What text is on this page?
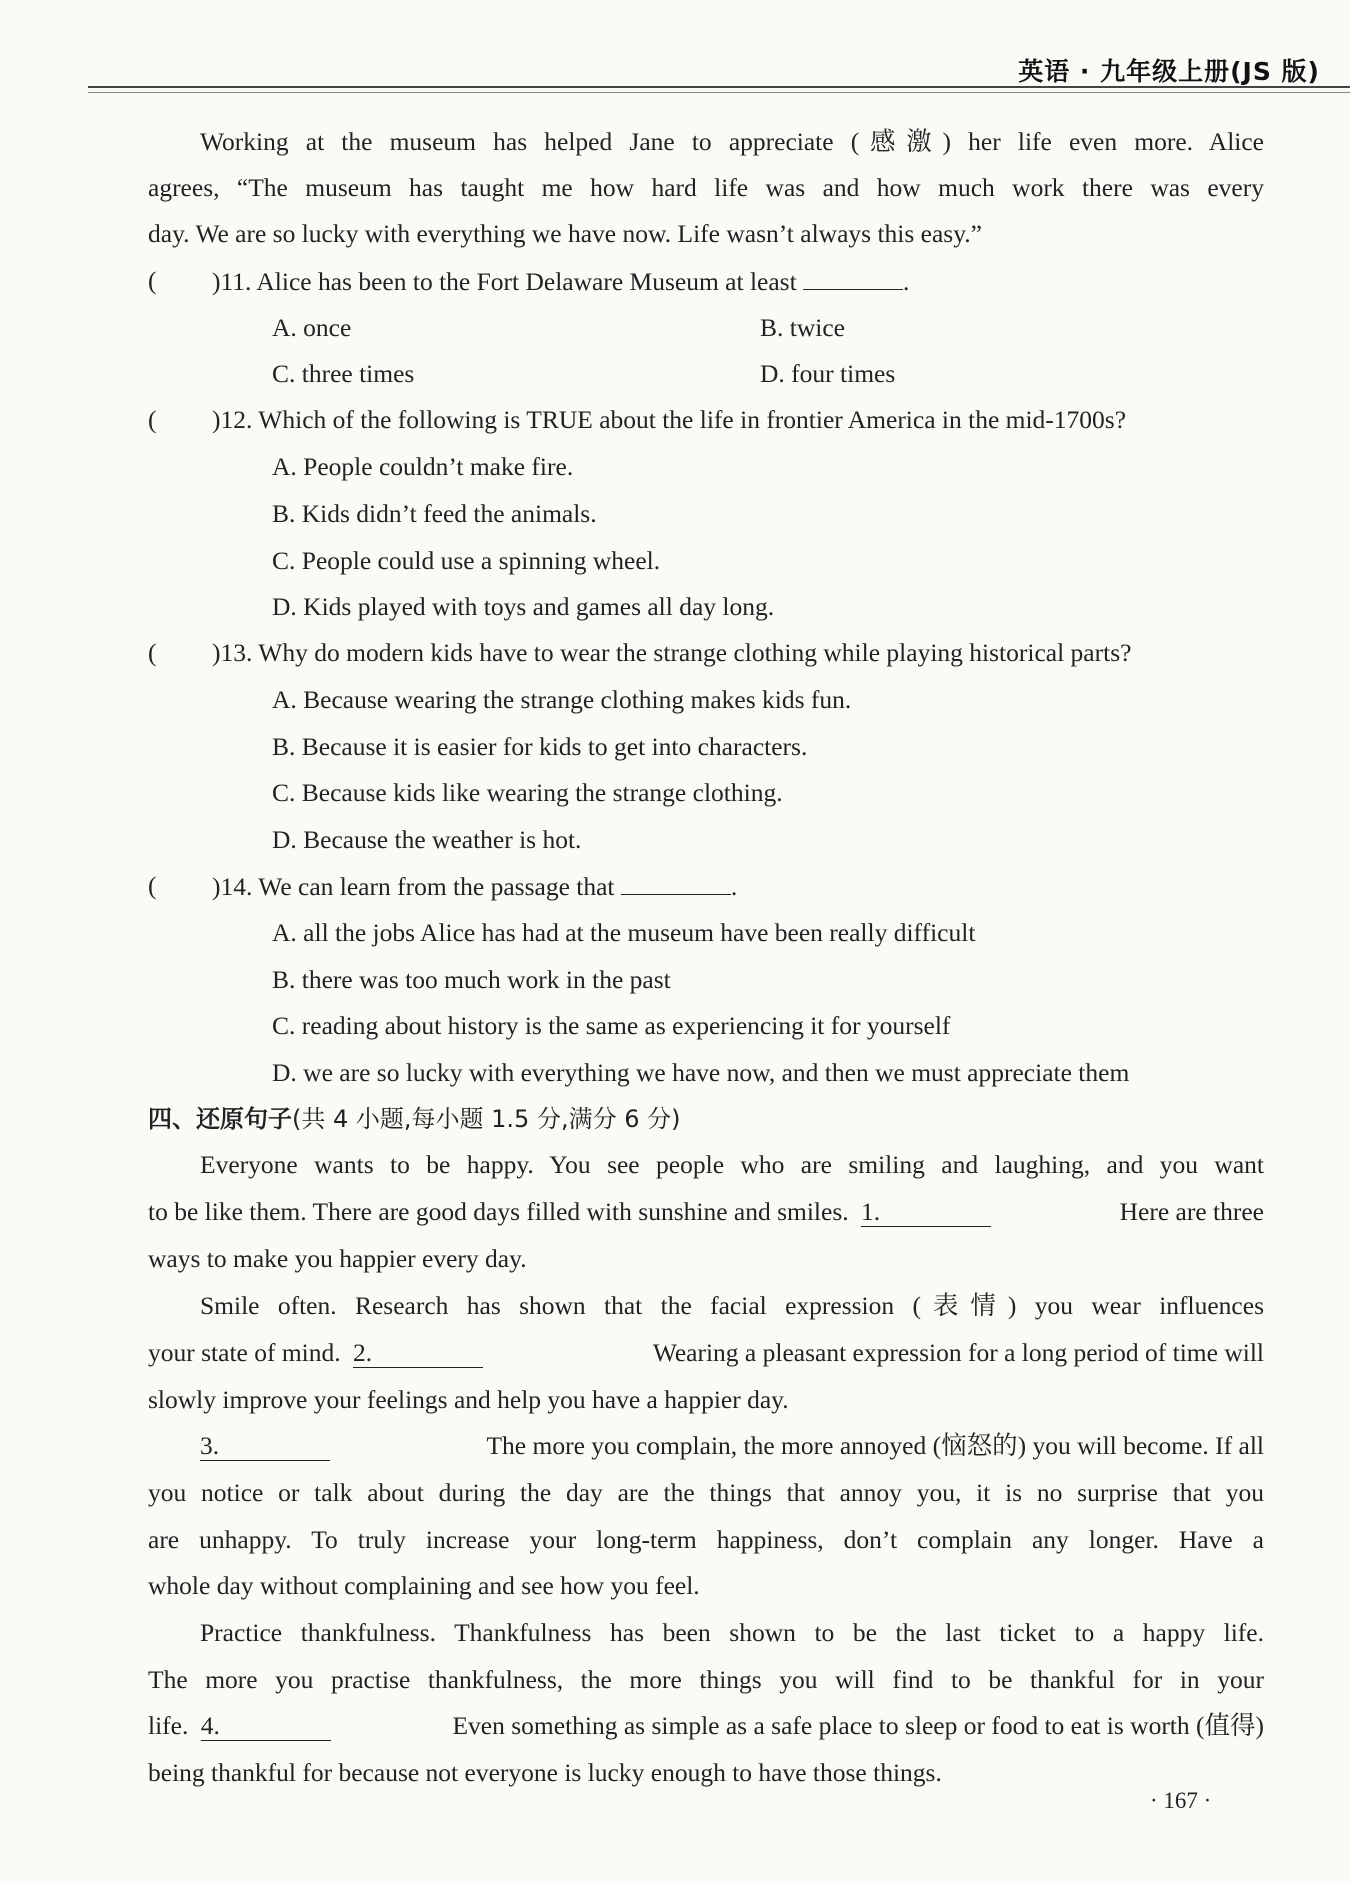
英语 · 九年级上册(JS 版)
Working at the museum has helped Jane to appreciate (感激) her life even more. Alice
agrees, “The museum has taught me how hard life was and how much work there was every
day. We are so lucky with everything we have now. Life wasn’t always this easy.”
( )11. Alice has been to the Fort Delaware Museum at least	.
A. once	B. twice
C. three times	D. four times
( )12. Which of the following is TRUE about the life in frontier America in the mid-1700s?
A. People couldn’t make fire.
B. Kids didn’t feed the animals.
C. People could use a spinning wheel.
D. Kids played with toys and games all day long.
( )13. Why do modern kids have to wear the strange clothing while playing historical parts?
A. Because wearing the strange clothing makes kids fun.
B. Because it is easier for kids to get into characters.
C. Because kids like wearing the strange clothing.
D. Because the weather is hot.
( )14. We can learn from the passage that	.
A. all the jobs Alice has had at the museum have been really difficult
B. there was too much work in the past
C. reading about history is the same as experiencing it for yourself
D. we are so lucky with everything we have now, and then we must appreciate them
四、还原句子(共 4 小题,每小题 1.5 分,满分 6 分)
Everyone wants to be happy. You see people who are smiling and laughing, and you want
to be like them. There are good days filled with sunshine and smiles. 1.	Here are three
ways to make you happier every day.
Smile often. Research has shown that the facial expression (表情) you wear influences
your state of mind. 2.	Wearing a pleasant expression for a long period of time will
slowly improve your feelings and help you have a happier day.
3.	The more you complain, the more annoyed (恼怒的) you will become. If all
you notice or talk about during the day are the things that annoy you, it is no surprise that you
are unhappy. To truly increase your long-term happiness, don’t complain any longer. Have a
whole day without complaining and see how you feel.
Practice thankfulness. Thankfulness has been shown to be the last ticket to a happy life.
The more you practise thankfulness, the more things you will find to be thankful for in your
life. 4.	Even something as simple as a safe place to sleep or food to eat is worth (值得)
being thankful for because not everyone is lucky enough to have those things.
· 167 ·
